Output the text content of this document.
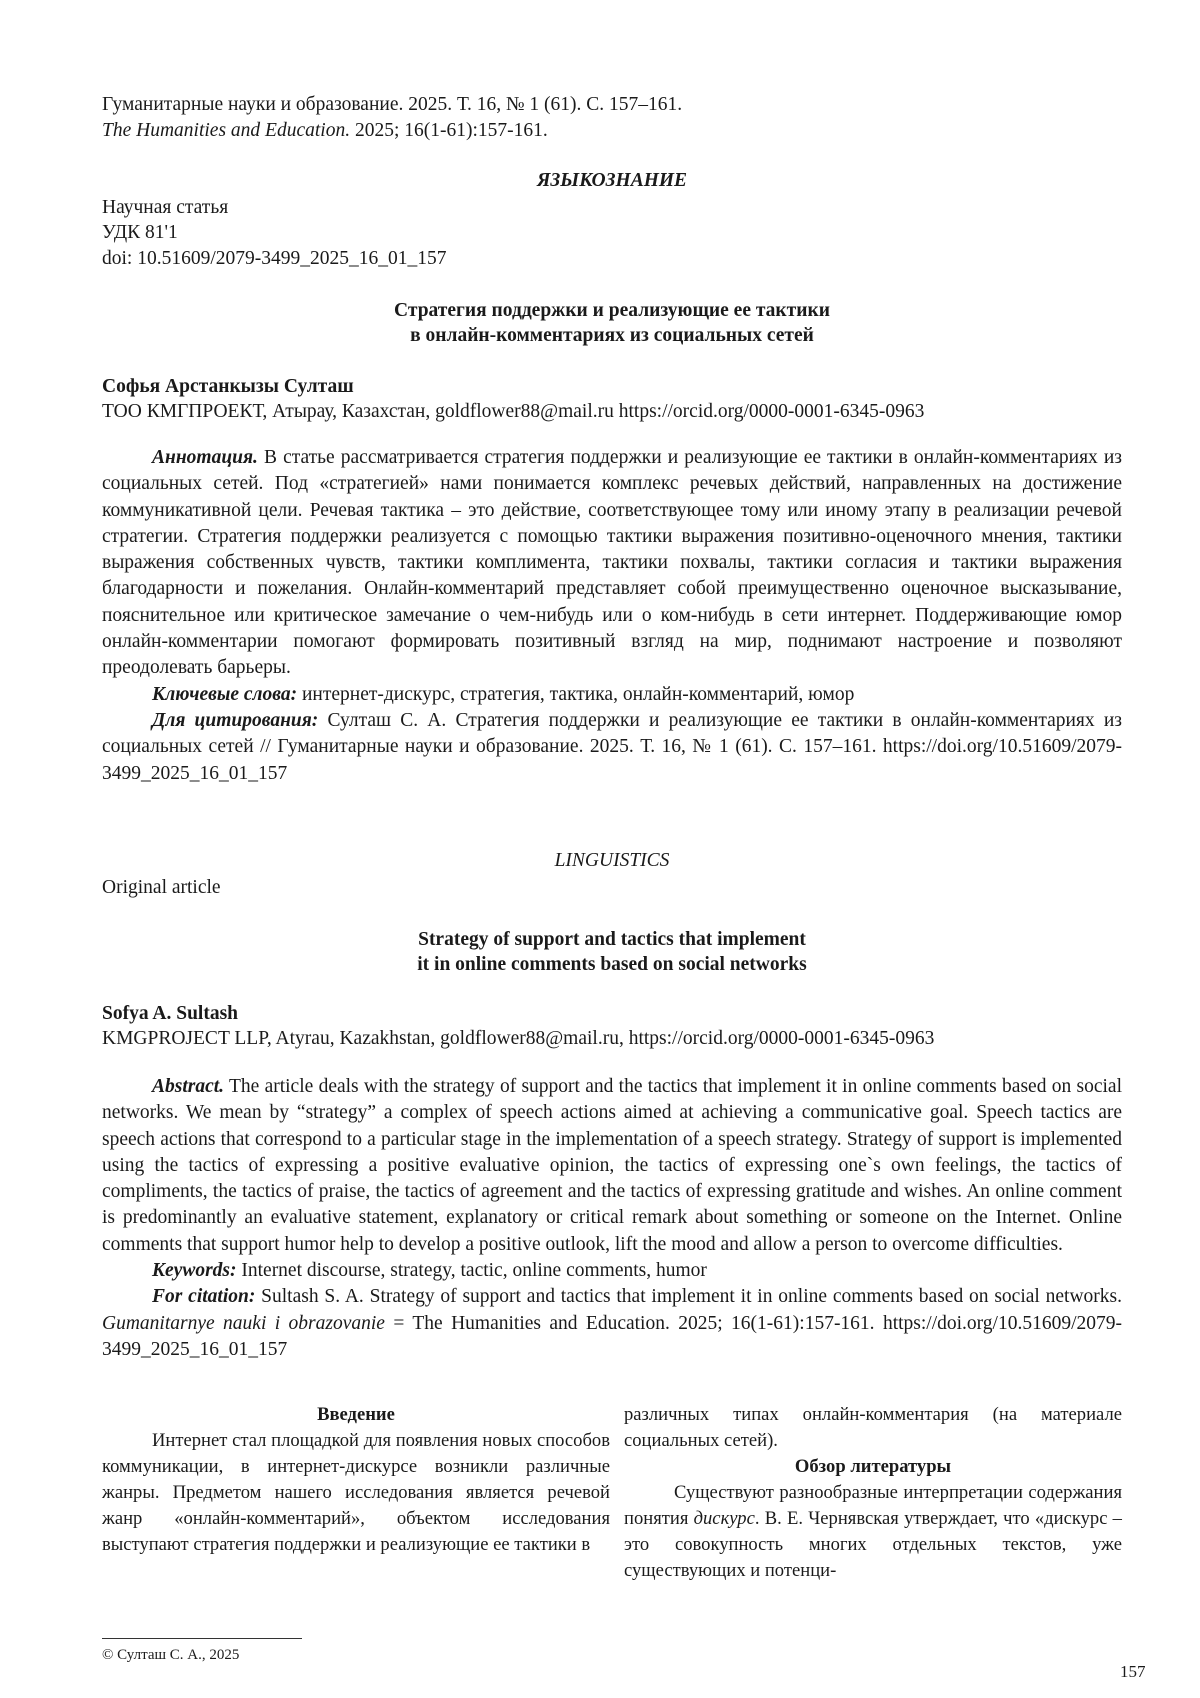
Гуманитарные науки и образование. 2025. Т. 16, № 1 (61). С. 157–161.
The Humanities and Education. 2025; 16(1-61):157-161.
ЯЗЫКОЗНАНИЕ
Научная статья
УДК 81'1
doi: 10.51609/2079-3499_2025_16_01_157
Стратегия поддержки и реализующие ее тактики
в онлайн-комментариях из социальных сетей
Софья Арстанкызы Султаш
ТОО КМГПРОЕКТ, Атырау, Казахстан, goldflower88@mail.ru https://orcid.org/0000-0001-6345-0963
Аннотация. В статье рассматривается стратегия поддержки и реализующие ее тактики в онлайн-комментариях из социальных сетей. Под «стратегией» нами понимается комплекс речевых действий, направленных на достижение коммуникативной цели. Речевая тактика – это действие, соответствующее тому или иному этапу в реализации речевой стратегии. Стратегия поддержки реализуется с помощью тактики выражения позитивно-оценочного мнения, тактики выражения собственных чувств, тактики комплимента, тактики похвалы, тактики согласия и тактики выражения благодарности и пожелания. Онлайн-комментарий представляет собой преимущественно оценочное высказывание, пояснительное или критическое замечание о чем-нибудь или о ком-нибудь в сети интернет. Поддерживающие юмор онлайн-комментарии помогают формировать позитивный взгляд на мир, поднимают настроение и позволяют преодолевать барьеры.
Ключевые слова: интернет-дискурс, стратегия, тактика, онлайн-комментарий, юмор
Для цитирования: Султаш С. А. Стратегия поддержки и реализующие ее тактики в онлайн-комментариях из социальных сетей // Гуманитарные науки и образование. 2025. Т. 16, № 1 (61). С. 157–161. https://doi.org/10.51609/2079-3499_2025_16_01_157
LINGUISTICS
Original article
Strategy of support and tactics that implement
it in online comments based on social networks
Sofya A. Sultash
KMGPROJECT LLP, Atyrau, Kazakhstan, goldflower88@mail.ru, https://orcid.org/0000-0001-6345-0963
Abstract. The article deals with the strategy of support and the tactics that implement it in online comments based on social networks. We mean by “strategy” a complex of speech actions aimed at achieving a communicative goal. Speech tactics are speech actions that correspond to a particular stage in the implementation of a speech strategy. Strategy of support is implemented using the tactics of expressing a positive evaluative opinion, the tactics of expressing one`s own feelings, the tactics of compliments, the tactics of praise, the tactics of agreement and the tactics of expressing gratitude and wishes. An online comment is predominantly an evaluative statement, explanatory or critical remark about something or someone on the Internet. Online comments that support humor help to develop a positive outlook, lift the mood and allow a person to overcome difficulties.
Keywords: Internet discourse, strategy, tactic, online comments, humor
For citation: Sultash S. A. Strategy of support and tactics that implement it in online comments based on social networks. Gumanitarnye nauki i obrazovanie = The Humanities and Education. 2025; 16(1-61):157-161. https://doi.org/10.51609/2079-3499_2025_16_01_157

Введение

Интернет стал площадкой для появления новых способов коммуникации, в интернет-дискурсе возникли различные жанры. Предметом нашего исследования является речевой жанр «онлайн-комментарий», объектом исследования выступают стратегия поддержки и реализующие ее тактики в

различных типах онлайн-комментария (на материале социальных сетей).

Обзор литературы

Существуют разнообразные интерпретации содержания понятия дискурс. В. Е. Чернявская утверждает, что «дискурс – это совокупность многих отдельных текстов, уже существующих и потенци-

© Султаш С. А., 2025
157
